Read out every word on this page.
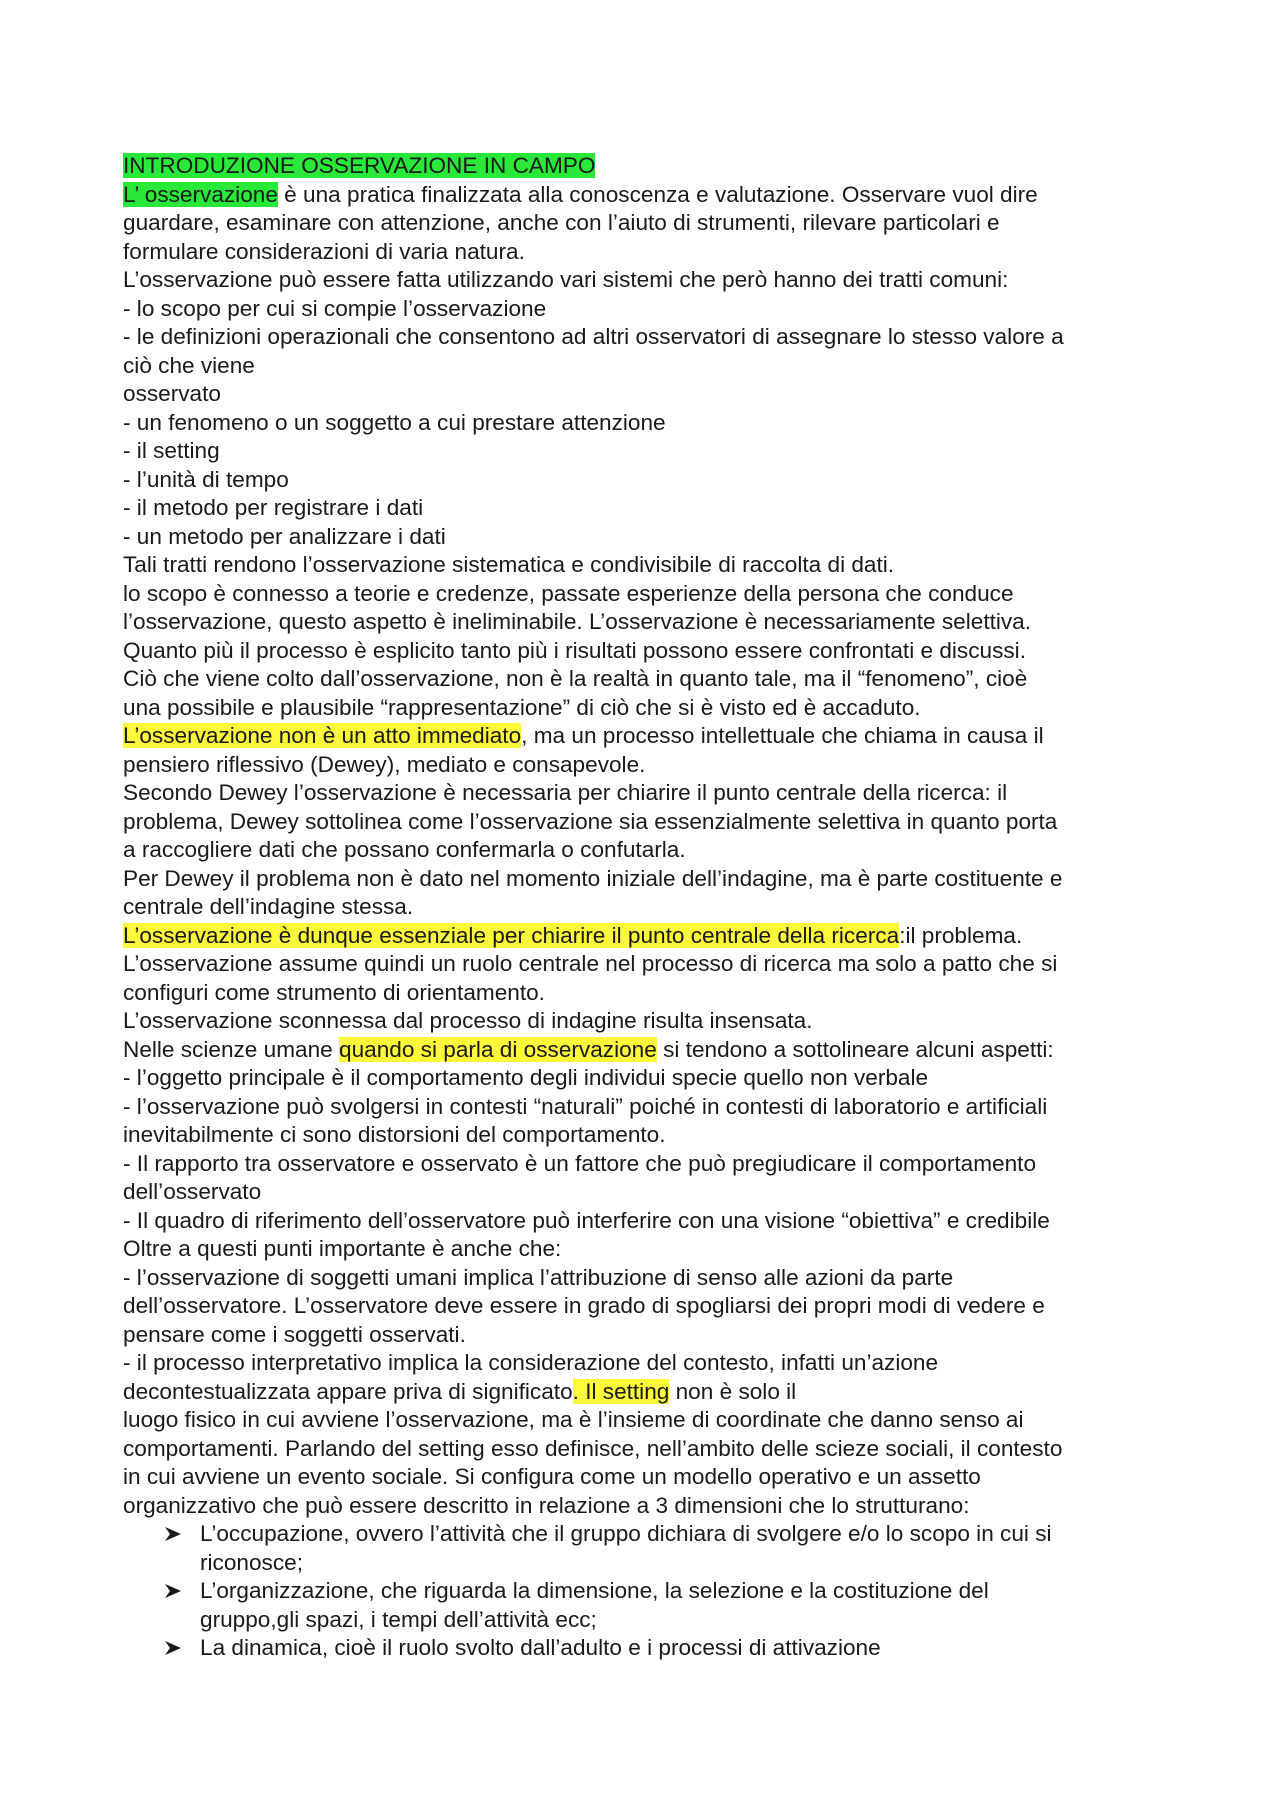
INTRODUZIONE OSSERVAZIONE IN CAMPO
L’ osservazione è una pratica finalizzata alla conoscenza e valutazione. Osservare vuol dire
guardare, esaminare con attenzione, anche con l’aiuto di strumenti, rilevare particolari e
formulare considerazioni di varia natura.
L’osservazione può essere fatta utilizzando vari sistemi che però hanno dei tratti comuni:
- lo scopo per cui si compie l’osservazione
- le definizioni operazionali che consentono ad altri osservatori di assegnare lo stesso valore a
ciò che viene
osservato
- un fenomeno o un soggetto a cui prestare attenzione
- il setting
- l’unità di tempo
- il metodo per registrare i dati
- un metodo per analizzare i dati
Tali tratti rendono l’osservazione sistematica e condivisibile di raccolta di dati.
lo scopo è connesso a teorie e credenze, passate esperienze della persona che conduce
l’osservazione, questo aspetto è ineliminabile. L’osservazione è necessariamente selettiva.
Quanto più il processo è esplicito tanto più i risultati possono essere confrontati e discussi.
Ciò che viene colto dall’osservazione, non è la realtà in quanto tale, ma il “fenomeno”, cioè
una possibile e plausibile “rappresentazione” di ciò che si è visto ed è accaduto.
L’osservazione non è un atto immediato, ma un processo intellettuale che chiama in causa il
pensiero riflessivo (Dewey), mediato e consapevole.
Secondo Dewey l’osservazione è necessaria per chiarire il punto centrale della ricerca: il
problema, Dewey sottolinea come l’osservazione sia essenzialmente selettiva in quanto porta
a raccogliere dati che possano confermarla o confutarla.
Per Dewey il problema non è dato nel momento iniziale dell’indagine, ma è parte costituente e
centrale dell’indagine stessa.
L’osservazione è dunque essenziale per chiarire il punto centrale della ricerca:il problema.
L’osservazione assume quindi un ruolo centrale nel processo di ricerca ma solo a patto che si
configuri come strumento di orientamento.
L’osservazione sconnessa dal processo di indagine risulta insensata.
Nelle scienze umane quando si parla di osservazione si tendono a sottolineare alcuni aspetti:
- l’oggetto principale è il comportamento degli individui specie quello non verbale
- l’osservazione può svolgersi in contesti “naturali” poiché in contesti di laboratorio e artificiali
inevitabilmente ci sono distorsioni del comportamento.
- Il rapporto tra osservatore e osservato è un fattore che può pregiudicare il comportamento
dell’osservato
- Il quadro di riferimento dell’osservatore può interferire con una visione “obiettiva” e credibile
Oltre a questi punti importante è anche che:
- l’osservazione di soggetti umani implica l’attribuzione di senso alle azioni da parte
dell’osservatore. L’osservatore deve essere in grado di spogliarsi dei propri modi di vedere e
pensare come i soggetti osservati.
- il processo interpretativo implica la considerazione del contesto, infatti un’azione
decontestualizzata appare priva di significato. Il setting non è solo il
luogo fisico in cui avviene l’osservazione, ma è l’insieme di coordinate che danno senso ai
comportamenti. Parlando del setting esso definisce, nell’ambito delle scieze sociali, il contesto
in cui avviene un evento sociale. Si configura come un modello operativo e un assetto
organizzativo che può essere descritto in relazione a 3 dimensioni che lo strutturano:
L’occupazione, ovvero l’attività che il gruppo dichiara di svolgere e/o lo scopo in cui si
riconosce;
L’organizzazione, che riguarda la dimensione, la selezione e la costituzione del
gruppo,gli spazi, i tempi dell’attività ecc;
La dinamica, cioè il ruolo svolto dall’adulto e i processi di attivazione
